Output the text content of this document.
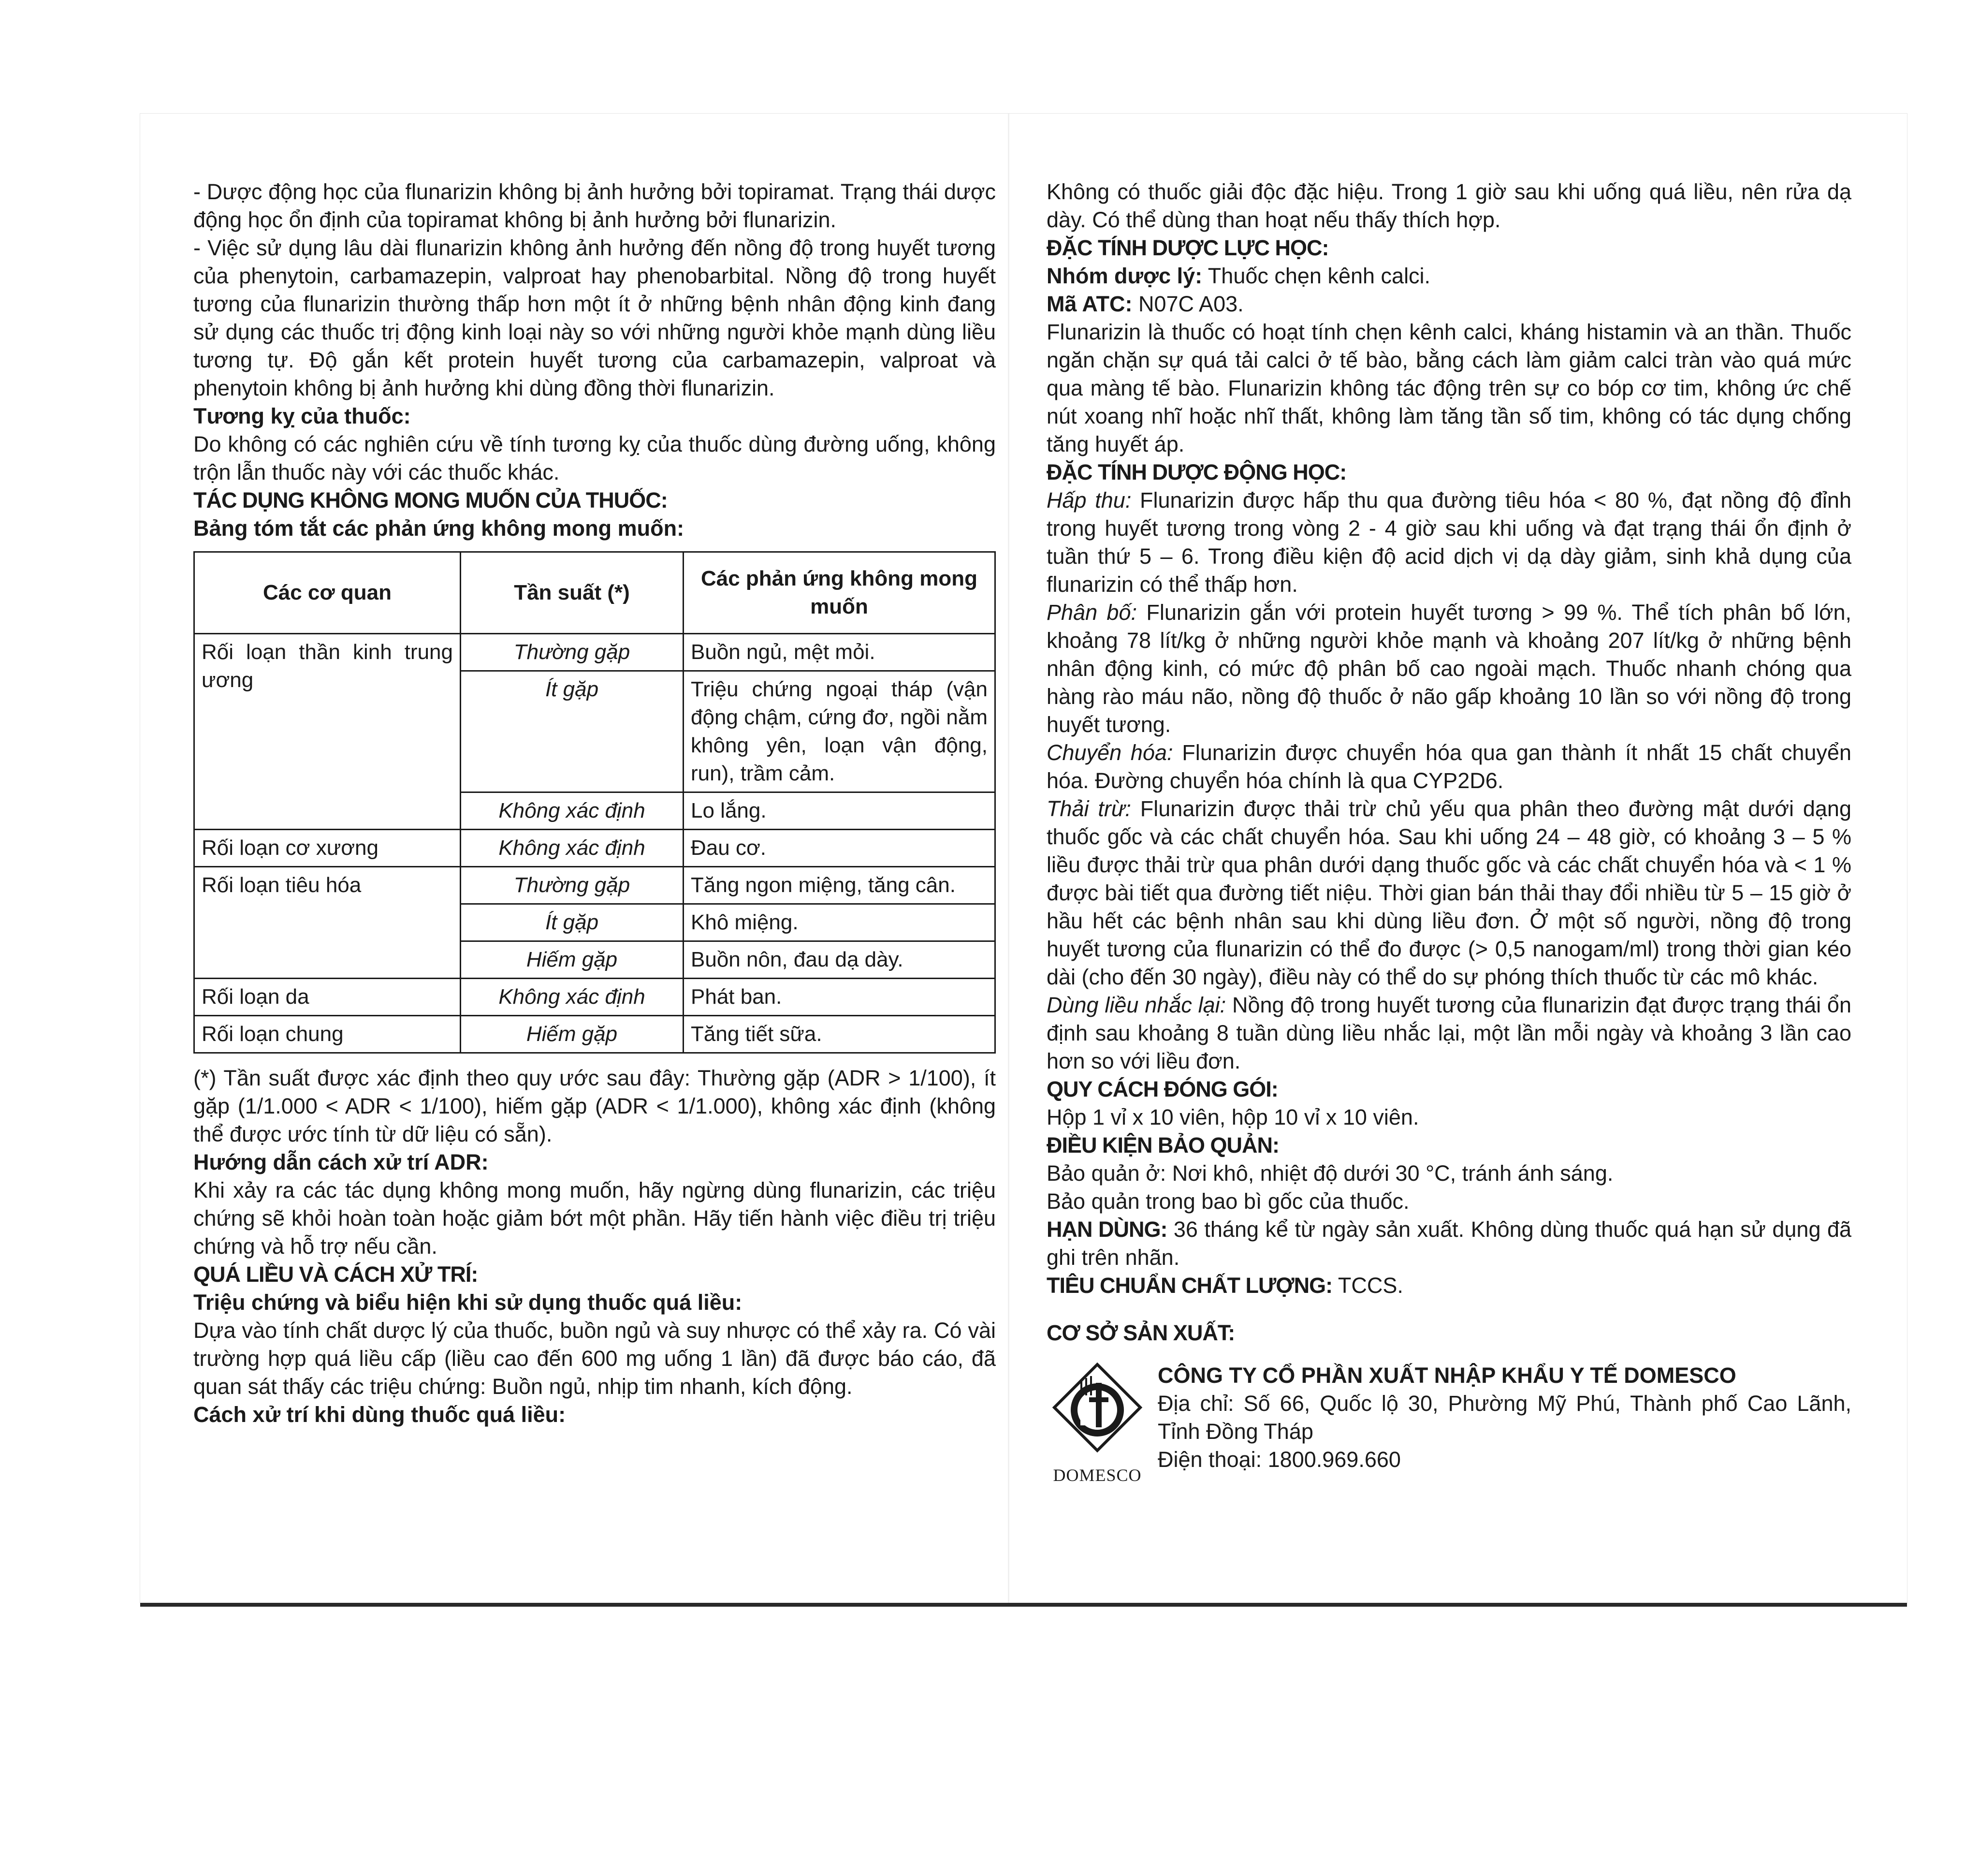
- Dược động học của flunarizin không bị ảnh hưởng bởi topiramat. Trạng thái dược động học ổn định của topiramat không bị ảnh hưởng bởi flunarizin.

- Việc sử dụng lâu dài flunarizin không ảnh hưởng đến nồng độ trong huyết tương của phenytoin, carbamazepin, valproat hay phenobarbital. Nồng độ trong huyết tương của flunarizin thường thấp hơn một ít ở những bệnh nhân động kinh đang sử dụng các thuốc trị động kinh loại này so với những người khỏe mạnh dùng liều tương tự. Độ gắn kết protein huyết tương của carbamazepin, valproat và phenytoin không bị ảnh hưởng khi dùng đồng thời flunarizin.

Tương kỵ của thuốc:

Do không có các nghiên cứu về tính tương kỵ của thuốc dùng đường uống, không trộn lẫn thuốc này với các thuốc khác.

TÁC DỤNG KHÔNG MONG MUỐN CỦA THUỐC:

Bảng tóm tắt các phản ứng không mong muốn:

Các cơ quan	Tần suất (*)	Các phản ứng không mong muốn
Rối loạn thần kinh trung ương	Thường gặp	Buồn ngủ, mệt mỏi.
	Ít gặp	Triệu chứng ngoại tháp (vận động chậm, cứng đơ, ngồi nằm không yên, loạn vận động, run), trầm cảm.
	Không xác định	Lo lắng.
Rối loạn cơ xương	Không xác định	Đau cơ.
Rối loạn tiêu hóa	Thường gặp	Tăng ngon miệng, tăng cân.
	Ít gặp	Khô miệng.
	Hiếm gặp	Buồn nôn, đau dạ dày.
Rối loạn da	Không xác định	Phát ban.
Rối loạn chung	Hiếm gặp	Tăng tiết sữa.

(*) Tần suất được xác định theo quy ước sau đây: Thường gặp (ADR > 1/100), ít gặp (1/1.000 < ADR < 1/100), hiếm gặp (ADR < 1/1.000), không xác định (không thể được ước tính từ dữ liệu có sẵn).

Hướng dẫn cách xử trí ADR:

Khi xảy ra các tác dụng không mong muốn, hãy ngừng dùng flunarizin, các triệu chứng sẽ khỏi hoàn toàn hoặc giảm bớt một phần. Hãy tiến hành việc điều trị triệu chứng và hỗ trợ nếu cần.

QUÁ LIỀU VÀ CÁCH XỬ TRÍ:

Triệu chứng và biểu hiện khi sử dụng thuốc quá liều:

Dựa vào tính chất dược lý của thuốc, buồn ngủ và suy nhược có thể xảy ra. Có vài trường hợp quá liều cấp (liều cao đến 600 mg uống 1 lần) đã được báo cáo, đã quan sát thấy các triệu chứng: Buồn ngủ, nhịp tim nhanh, kích động.

Cách xử trí khi dùng thuốc quá liều:

Không có thuốc giải độc đặc hiệu. Trong 1 giờ sau khi uống quá liều, nên rửa dạ dày. Có thể dùng than hoạt nếu thấy thích hợp.

ĐẶC TÍNH DƯỢC LỰC HỌC:

Nhóm dược lý: Thuốc chẹn kênh calci.

Mã ATC: N07C A03.

Flunarizin là thuốc có hoạt tính chẹn kênh calci, kháng histamin và an thần. Thuốc ngăn chặn sự quá tải calci ở tế bào, bằng cách làm giảm calci tràn vào quá mức qua màng tế bào. Flunarizin không tác động trên sự co bóp cơ tim, không ức chế nút xoang nhĩ hoặc nhĩ thất, không làm tăng tần số tim, không có tác dụng chống tăng huyết áp.

ĐẶC TÍNH DƯỢC ĐỘNG HỌC:

Hấp thu: Flunarizin được hấp thu qua đường tiêu hóa < 80 %, đạt nồng độ đỉnh trong huyết tương trong vòng 2 - 4 giờ sau khi uống và đạt trạng thái ổn định ở tuần thứ 5 – 6. Trong điều kiện độ acid dịch vị dạ dày giảm, sinh khả dụng của flunarizin có thể thấp hơn.

Phân bố: Flunarizin gắn với protein huyết tương > 99 %. Thể tích phân bố lớn, khoảng 78 lít/kg ở những người khỏe mạnh và khoảng 207 lít/kg ở những bệnh nhân động kinh, có mức độ phân bố cao ngoài mạch. Thuốc nhanh chóng qua hàng rào máu não, nồng độ thuốc ở não gấp khoảng 10 lần so với nồng độ trong huyết tương.

Chuyển hóa: Flunarizin được chuyển hóa qua gan thành ít nhất 15 chất chuyển hóa. Đường chuyển hóa chính là qua CYP2D6.

Thải trừ: Flunarizin được thải trừ chủ yếu qua phân theo đường mật dưới dạng thuốc gốc và các chất chuyển hóa. Sau khi uống 24 – 48 giờ, có khoảng 3 – 5 % liều được thải trừ qua phân dưới dạng thuốc gốc và các chất chuyển hóa và < 1 % được bài tiết qua đường tiết niệu. Thời gian bán thải thay đổi nhiều từ 5 – 15 giờ ở hầu hết các bệnh nhân sau khi dùng liều đơn. Ở một số người, nồng độ trong huyết tương của flunarizin có thể đo được (> 0,5 nanogam/ml) trong thời gian kéo dài (cho đến 30 ngày), điều này có thể do sự phóng thích thuốc từ các mô khác.

Dùng liều nhắc lại: Nồng độ trong huyết tương của flunarizin đạt được trạng thái ổn định sau khoảng 8 tuần dùng liều nhắc lại, một lần mỗi ngày và khoảng 3 lần cao hơn so với liều đơn.

QUY CÁCH ĐÓNG GÓI:

Hộp 1 vỉ x 10 viên, hộp 10 vỉ x 10 viên.

ĐIỀU KIỆN BẢO QUẢN:

Bảo quản ở: Nơi khô, nhiệt độ dưới 30 °C, tránh ánh sáng.

Bảo quản trong bao bì gốc của thuốc.

HẠN DÙNG: 36 tháng kể từ ngày sản xuất. Không dùng thuốc quá hạn sử dụng đã ghi trên nhãn.

TIÊU CHUẨN CHẤT LƯỢNG: TCCS.

CƠ SỞ SẢN XUẤT:

DOMESCO

CÔNG TY CỔ PHẦN XUẤT NHẬP KHẨU Y TẾ DOMESCO

Địa chỉ: Số 66, Quốc lộ 30, Phường Mỹ Phú, Thành phố Cao Lãnh, Tỉnh Đồng Tháp

Điện thoại: 1800.969.660
